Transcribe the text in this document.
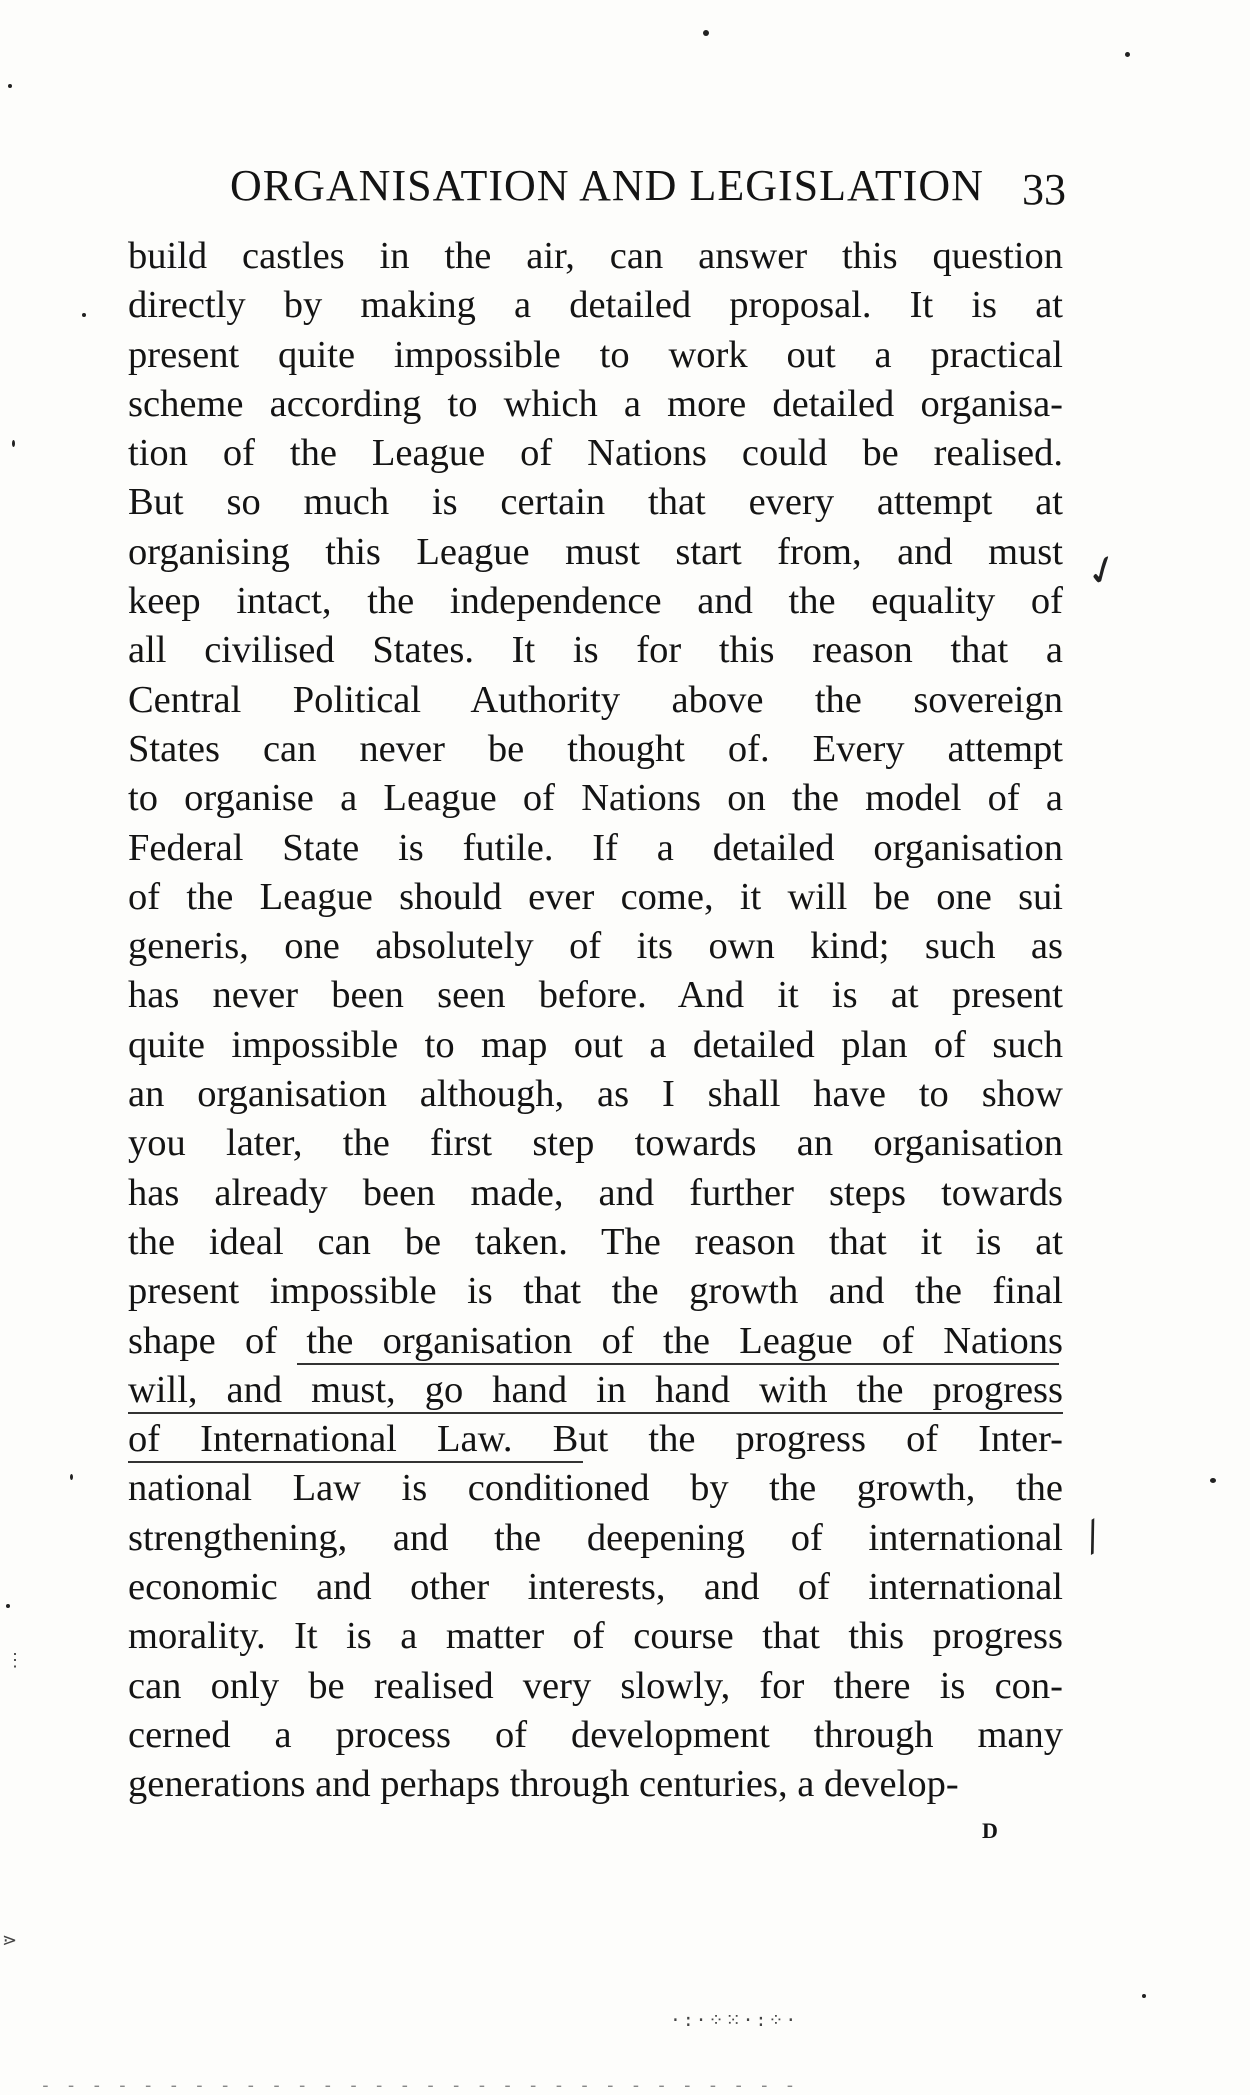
ORGANISATION AND LEGISLATION 33
build castles in the air, can answer this question
directly by making a detailed proposal. It is at
present quite impossible to work out a practical
scheme according to which a more detailed organisa-
tion of the League of Nations could be realised.
But so much is certain that every attempt at
organising this League must start from, and must
keep intact, the independence and the equality of
all civilised States. It is for this reason that a
Central Political Authority above the sovereign
States can never be thought of. Every attempt
to organise a League of Nations on the model of a
Federal State is futile. If a detailed organisation
of the League should ever come, it will be one sui
generis, one absolutely of its own kind; such as
has never been seen before. And it is at present
quite impossible to map out a detailed plan of such
an organisation although, as I shall have to show
you later, the first step towards an organisation
has already been made, and further steps towards
the ideal can be taken. The reason that it is at
present impossible is that the growth and the final
shape of the organisation of the League of Nations
will, and must, go hand in hand with the progress
of International Law. But the progress of Inter-
national Law is conditioned by the growth, the
strengthening, and the deepening of international
economic and other interests, and of international
morality. It is a matter of course that this progress
can only be realised very slowly, for there is con-
cerned a process of development through many
generations and perhaps through centuries, a develop-
✓
⁄
D
⋮
⋗
·:·⁘⁙·:⁘·
‐ ‐ ‐ ‐ ‐ ‐ ‐ ‐ ‐ ‐ ‐ ‐ ‐ ‐ ‐ ‐ ‐ ‐ ‐ ‐ ‐ ‐ ‐ ‐ ‐ ‐ ‐ ‐ ‐ ‐
